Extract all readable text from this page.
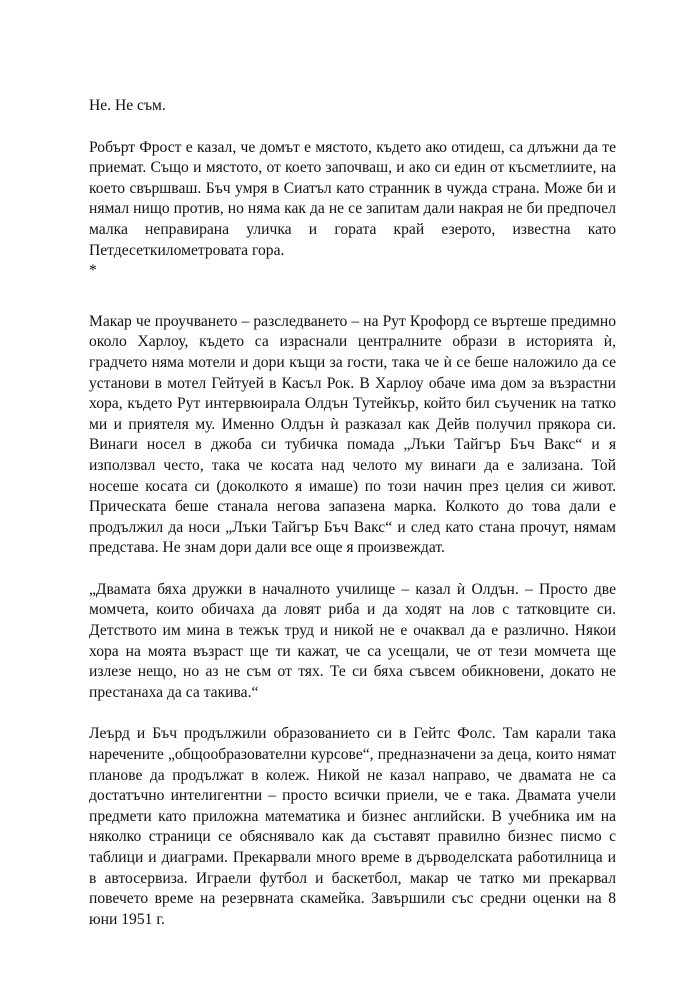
Не. Не съм.

Робърт Фрост е казал, че домът е мястото, където ако отидеш, са длъжни да те приемат. Също и мястото, от което започваш, и ако си един от късметлиите, на което свършваш. Бъч умря в Сиатъл като странник в чужда страна. Може би и нямал нищо против, но няма как да не се запитам дали накрая не би предпочел малка неправирана уличка и гората край езерото, известна като Петдесеткилометровата гора.

*

Макар че проучването – разследването – на Рут Крофорд се въртеше предимно около Харлоу, където са израснали централните образи в историята ѝ, градчето няма мотели и дори къщи за гости, така че ѝ се беше наложило да се установи в мотел Гейтуей в Касъл Рок. В Харлоу обаче има дом за възрастни хора, където Рут интервюирала Олдън Тутейкър, който бил съученик на татко ми и приятеля му. Именно Олдън ѝ разказал как Дейв получил прякора си. Винаги носел в джоба си тубичка помада „Лъки Тайгър Бъч Вакс“ и я използвал често, така че косата над челото му винаги да е зализана. Той носеше косата си (доколкото я имаше) по този начин през целия си живот. Прическата беше станала негова запазена марка. Колкото до това дали е продължил да носи „Лъки Тайгър Бъч Вакс“ и след като стана прочут, нямам представа. Не знам дори дали все още я произвеждат.

„Двамата бяха дружки в началното училище – казал ѝ Олдън. – Просто две момчета, които обичаха да ловят риба и да ходят на лов с татковците си. Детството им мина в тежък труд и никой не е очаквал да е различно. Някои хора на моята възраст ще ти кажат, че са усещали, че от тези момчета ще излезе нещо, но аз не съм от тях. Те си бяха съвсем обикновени, докато не престанаха да са такива.“

Леърд и Бъч продължили образованието си в Гейтс Фолс. Там карали така наречените „общообразователни курсове“, предназначени за деца, които нямат планове да продължат в колеж. Никой не казал направо, че двамата не са достатъчно интелигентни – просто всички приели, че е така. Двамата учели предмети като приложна математика и бизнес английски. В учебника им на няколко страници се обяснявало как да съставят правилно бизнес писмо с таблици и диаграми. Прекарвали много време в дърводелската работилница и в автосервиза. Играели футбол и баскетбол, макар че татко ми прекарвал повечето време на резервната скамейка. Завършили със средни оценки на 8 юни 1951 г.
